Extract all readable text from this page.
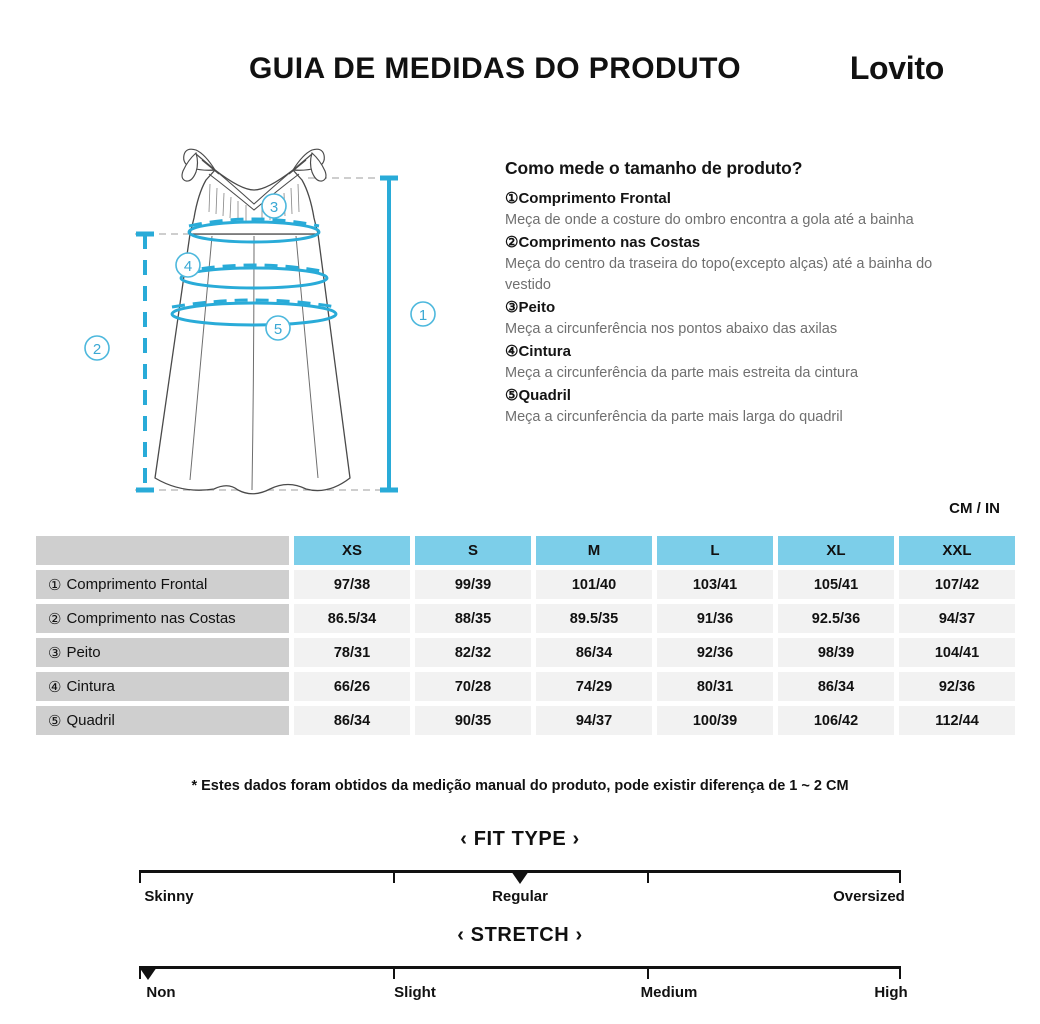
GUIA DE MEDIDAS DO PRODUTO	Lovito
1
2
3
4
5
Como mede o tamanho de produto?
①Comprimento Frontal
Meça de onde a costure do ombro encontra a gola até a bainha
②Comprimento nas Costas
Meça do centro da traseira do topo(excepto alças) até a bainha do vestido
③Peito
Meça a circunferência nos pontos abaixo das axilas
④Cintura
Meça a circunferência da parte mais estreita da cintura
⑤Quadril
Meça a circunferência da parte mais larga do quadril
CM / IN
XS	S	M	L	XL	XXL
① Comprimento Frontal	97/38	99/39	101/40	103/41	105/41	107/42
② Comprimento nas Costas	86.5/34	88/35	89.5/35	91/36	92.5/36	94/37
③ Peito	78/31	82/32	86/34	92/36	98/39	104/41
④ Cintura	66/26	70/28	74/29	80/31	86/34	92/36
⑤ Quadril	86/34	90/35	94/37	100/39	106/42	112/44
* Estes dados foram obtidos da medição manual do produto, pode existir diferença de 1 ~ 2 CM
‹ FIT TYPE ›
Skinny	Regular	Oversized
‹ STRETCH ›
Non	Slight	Medium	High
